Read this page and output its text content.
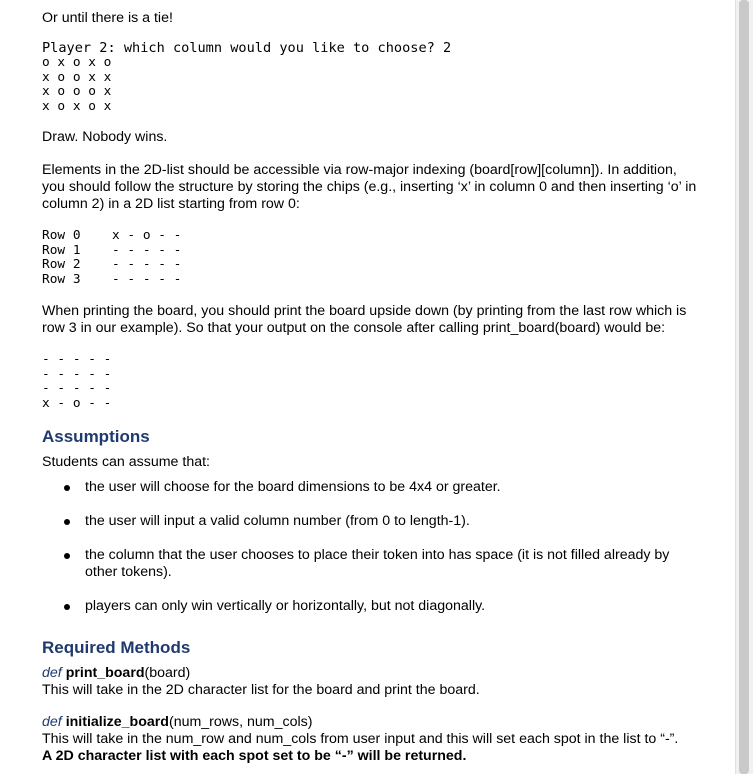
Or until there is a tie!
Player 2: which column would you like to choose? 2
o x o x o
x o o x x
x o o o x
x o x o x
Draw. Nobody wins.
Elements in the 2D-list should be accessible via row-major indexing (board[row][column]). In addition, you should follow the structure by storing the chips (e.g., inserting ‘x’ in column 0 and then inserting ‘o’ in column 2) in a 2D list starting from row 0:
Row 0 x - o - -
Row 1 - - - - -
Row 2 - - - - -
Row 3 - - - - -
When printing the board, you should print the board upside down (by printing from the last row which is row 3 in our example). So that your output on the console after calling print_board(board) would be:
- - - - -
- - - - -
- - - - -
x - o - -
Assumptions
Students can assume that:
the user will choose for the board dimensions to be 4x4 or greater.
the user will input a valid column number (from 0 to length-1).
the column that the user chooses to place their token into has space (it is not filled already by other tokens).
players can only win vertically or horizontally, but not diagonally.
Required Methods
def print_board(board)
This will take in the 2D character list for the board and print the board.
def initialize_board(num_rows, num_cols)
This will take in the num_row and num_cols from user input and this will set each spot in the list to “-”.
A 2D character list with each spot set to be “-” will be returned.
